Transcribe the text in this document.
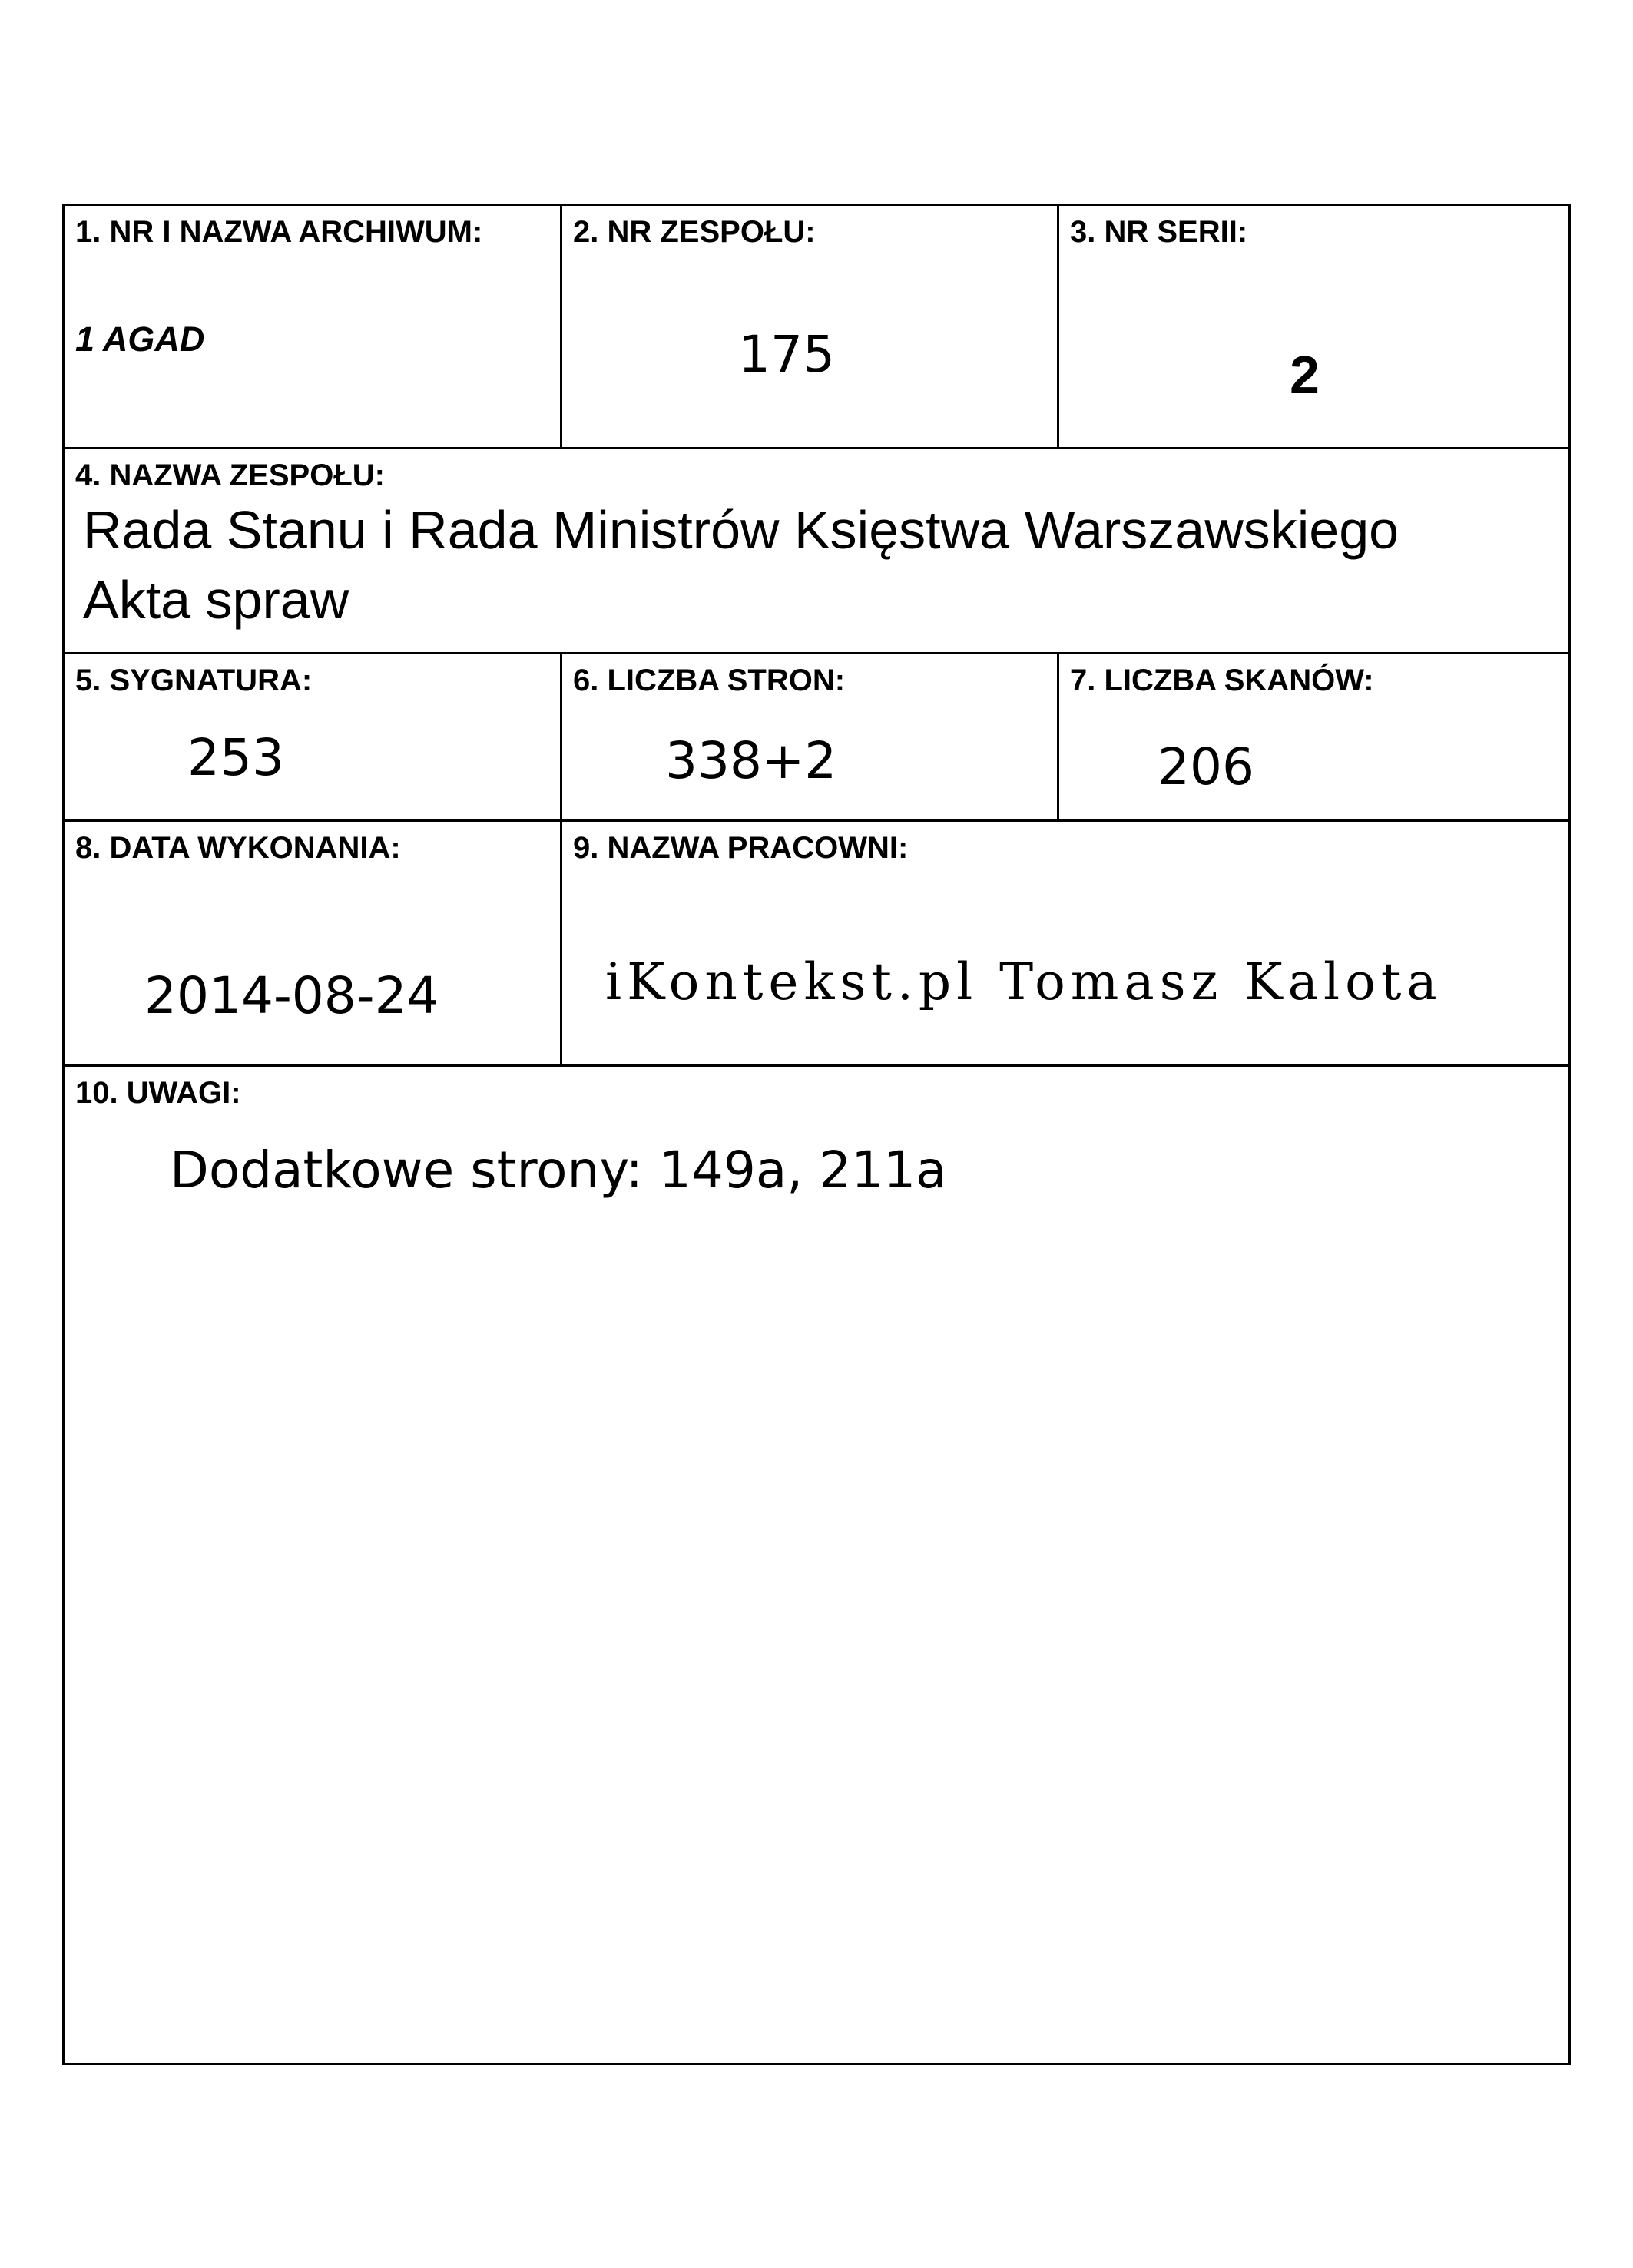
1. NR I NAZWA ARCHIWUM:
1 AGAD
2. NR ZESPOŁU:
175
3. NR SERII:
2
4. NAZWA ZESPOŁU:
Rada Stanu i Rada Ministrów Księstwa Warszawskiego
Akta spraw
5. SYGNATURA:
253
6. LICZBA STRON:
338+2
7. LICZBA SKANÓW:
206
8. DATA WYKONANIA:
2014-08-24
9. NAZWA PRACOWNI:
iKontekst.pl Tomasz Kalota
10. UWAGI:
Dodatkowe strony: 149a, 211a
